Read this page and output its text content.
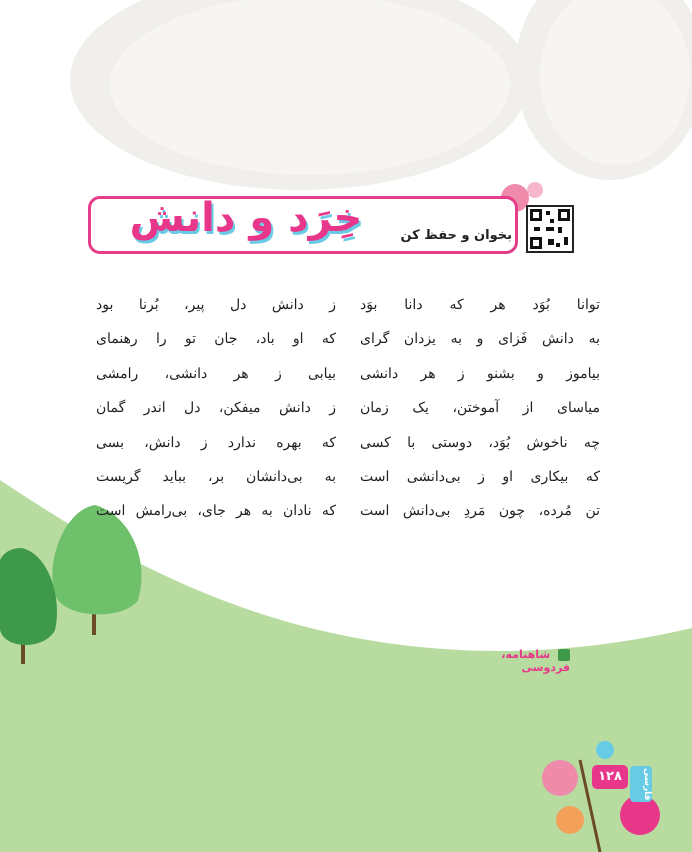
خِرَد و دانش	بخوان و حفظ کن
توانا بُوَد هر که دانا بوَد
به دانش فَزای و به یزدان گرای
بیاموز و بشنو ز هر دانشی
میاسای از آموختن، یک زمان
چه ناخوش بُوَد، دوستی با کسی
که بیکاری او ز بی‌دانشی است
تن مُرده، چون مَردِ بی‌دانش است
ز دانش دل پیر، بُرنا بود
که او باد، جان تو را رهنمای
بیابی ز هر دانشی، رامشی
ز دانش میفکن، دل اندر گمان
که بهره ندارد ز دانش، بسی
به بی‌دانشان بر، بباید گریست
که نادان به هر جای، بی‌رامش است
شاهنامه، فردوسی
۱۲۸	فارسی
